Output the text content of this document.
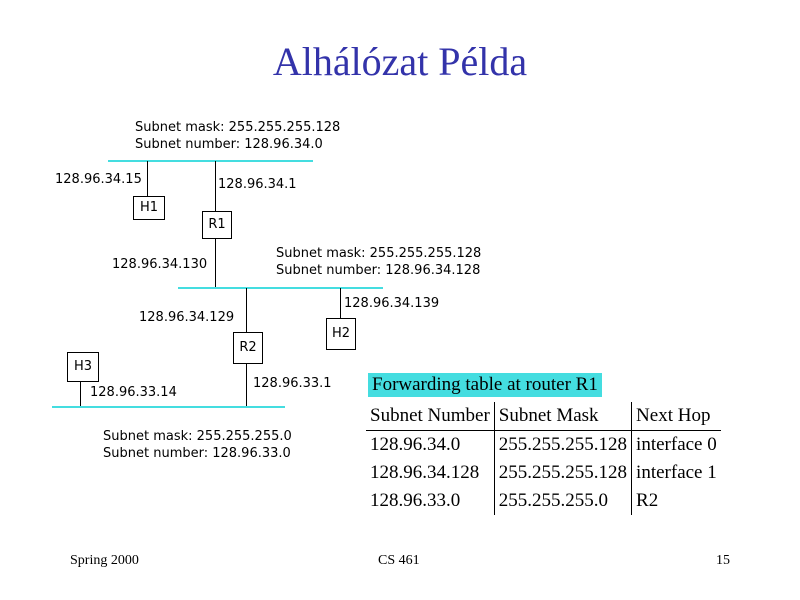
Alhálózat Példa
Subnet mask: 255.255.255.128
Subnet number: 128.96.34.0
128.96.34.15
H1
128.96.34.1
R1
128.96.34.130
Subnet mask: 255.255.255.128
Subnet number: 128.96.34.128
128.96.34.139
H2
128.96.34.129
R2
128.96.33.1
H3
128.96.33.14
Subnet mask: 255.255.255.0
Subnet number: 128.96.33.0
Forwarding table at router R1
Subnet Number	Subnet Mask	Next Hop
128.96.34.0	255.255.255.128	interface 0
128.96.34.128	255.255.255.128	interface 1
128.96.33.0	255.255.255.0	R2
Spring 2000	CS 461	15
